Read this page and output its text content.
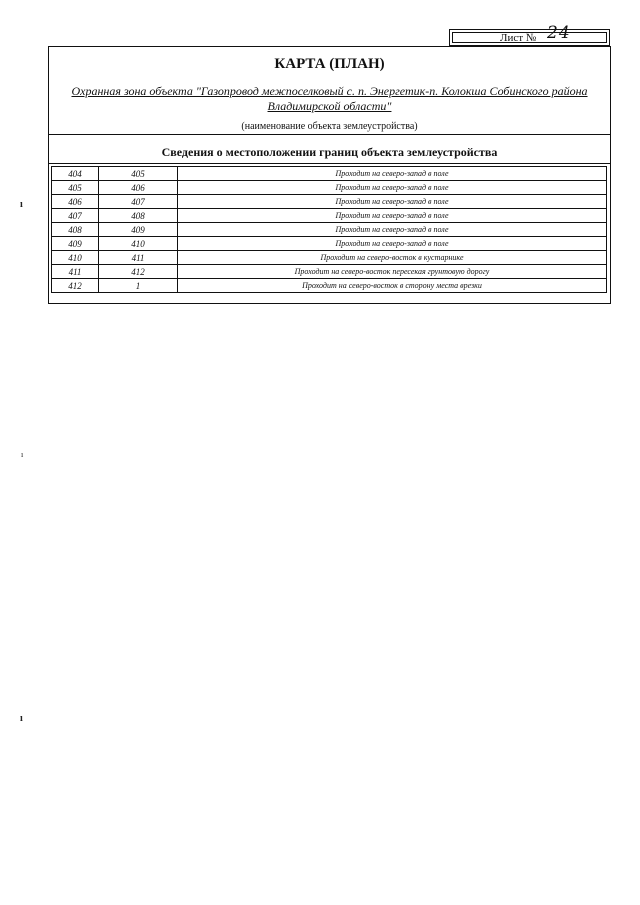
Лист № 24
КАРТА (ПЛАН)
Охранная зона объекта "Газопровод межпоселковый с. п. Энергетик-п. Колокша Собинского района Владимирской области"
(наименование объекта землеустройства)
Сведения о местоположении границ объекта землеустройства
404	405	Проходит на северо-запад в поле
405	406	Проходит на северо-запад в поле
406	407	Проходит на северо-запад в поле
407	408	Проходит на северо-запад в поле
408	409	Проходит на северо-запад в поле
409	410	Проходит на северо-запад в поле
410	411	Проходит на северо-восток в кустарнике
411	412	Проходит на северо-восток пересекая грунтовую дорогу
412	1	Проходит на северо-восток в сторону места врезки
ı
ı
ı
